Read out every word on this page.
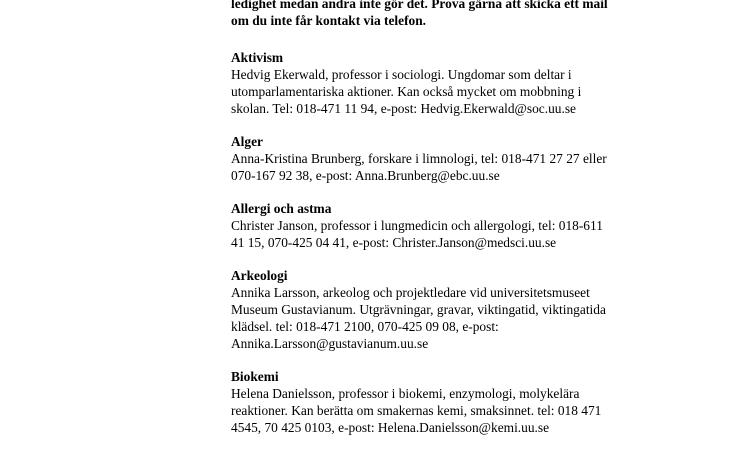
ledighet medan andra inte gör det. Prova gärna att skicka ett mail
om du inte får kontakt via telefon.

Aktivism

Hedvig Ekerwald, professor i sociologi. Ungdomar som deltar i
utomparlamentariska aktioner. Kan också mycket om mobbning i
skolan. Tel: 018-471 11 94, e-post: Hedvig.Ekerwald@soc.uu.se

Alger

Anna-Kristina Brunberg, forskare i limnologi, tel: 018-471 27 27 eller
070-167 92 38, e-post: Anna.Brunberg@ebc.uu.se

Allergi och astma

Christer Janson, professor i lungmedicin och allergologi, tel: 018-611
41 15, 070-425 04 41, e-post: Christer.Janson@medsci.uu.se

Arkeologi

Annika Larsson, arkeolog och projektledare vid universitetsmuseet
Museum Gustavianum. Utgrävningar, gravar, viktingatid, viktingatida
klädsel. tel: 018-471 2100, 070-425 09 08, e-post:
Annika.Larsson@gustavianum.uu.se

Biokemi

Helena Danielsson, professor i biokemi, enzymologi, molykelära
reaktioner. Kan berätta om smakernas kemi, smaksinnet. tel: 018 471
4545, 70 425 0103, e-post: Helena.Danielsson@kemi.uu.se
